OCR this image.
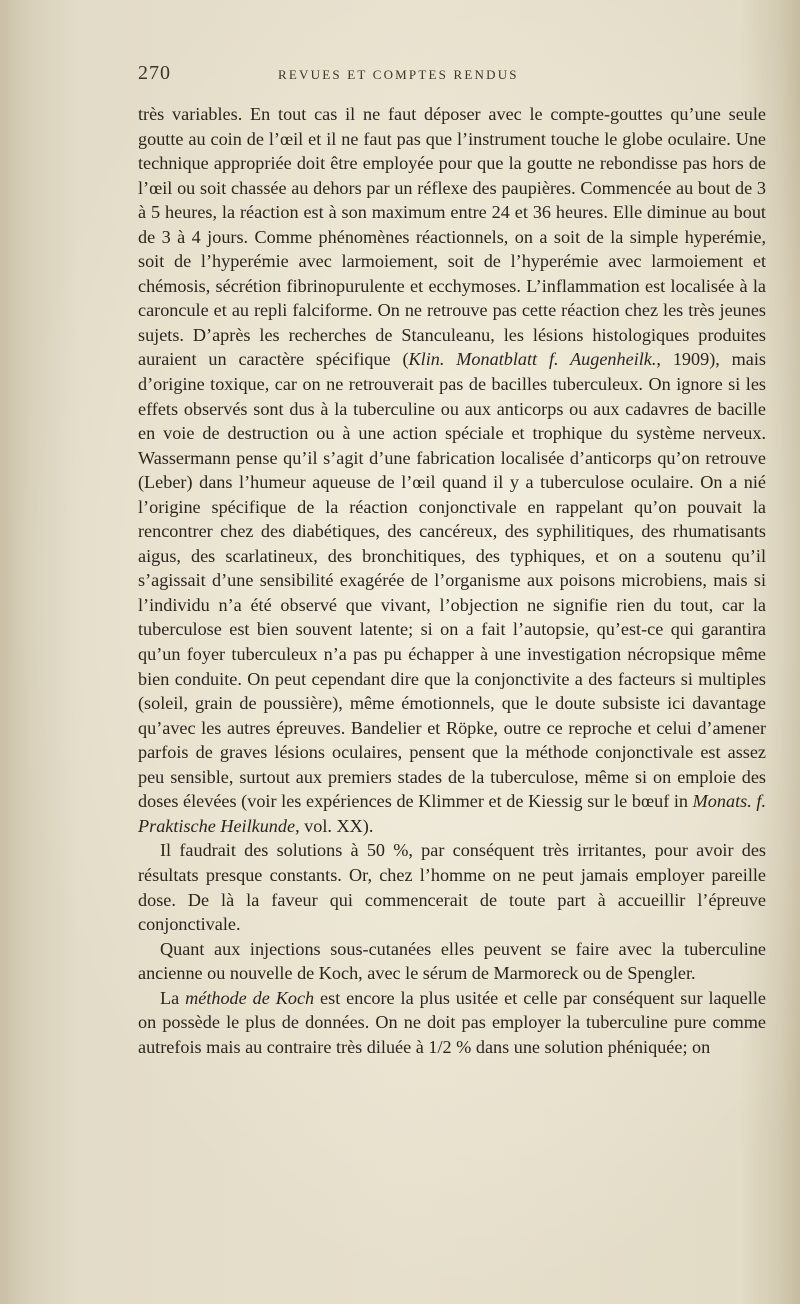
270	REVUES ET COMPTES RENDUS

très variables. En tout cas il ne faut déposer avec le compte-gouttes qu’une seule goutte au coin de l’œil et il ne faut pas que l’instrument touche le globe oculaire. Une technique appropriée doit être employée pour que la goutte ne rebondisse pas hors de l’œil ou soit chassée au dehors par un réflexe des paupières. Commencée au bout de 3 à 5 heures, la réaction est à son maximum entre 24 et 36 heures. Elle diminue au bout de 3 à 4 jours. Comme phénomènes réactionnels, on a soit de la simple hyperémie, soit de l’hyperémie avec larmoiement, soit de l’hyperémie avec larmoiement et chémosis, sécrétion fibrinopurulente et ecchymoses. L’inflammation est localisée à la caroncule et au repli falciforme. On ne retrouve pas cette réaction chez les très jeunes sujets. D’après les recherches de Stanculeanu, les lésions histologiques produites auraient un caractère spécifique (Klin. Monatblatt f. Augenheilk., 1909), mais d’origine toxique, car on ne retrouverait pas de bacilles tuberculeux. On ignore si les effets observés sont dus à la tuberculine ou aux anticorps ou aux cadavres de bacille en voie de destruction ou à une action spéciale et trophique du système nerveux. Wassermann pense qu’il s’agit d’une fabrication localisée d’anticorps qu’on retrouve (Leber) dans l’humeur aqueuse de l’œil quand il y a tuberculose oculaire. On a nié l’origine spécifique de la réaction conjonctivale en rappelant qu’on pouvait la rencontrer chez des diabétiques, des cancéreux, des syphilitiques, des rhumatisants aigus, des scarlatineux, des bronchitiques, des typhiques, et on a soutenu qu’il s’agissait d’une sensibilité exagérée de l’organisme aux poisons microbiens, mais si l’individu n’a été observé que vivant, l’objection ne signifie rien du tout, car la tuberculose est bien souvent latente; si on a fait l’autopsie, qu’est-ce qui garantira qu’un foyer tuberculeux n’a pas pu échapper à une investigation nécropsique même bien conduite. On peut cependant dire que la conjonctivite a des facteurs si multiples (soleil, grain de poussière), même émotionnels, que le doute subsiste ici davantage qu’avec les autres épreuves. Bandelier et Röpke, outre ce reproche et celui d’amener parfois de graves lésions oculaires, pensent que la méthode conjonctivale est assez peu sensible, surtout aux premiers stades de la tuberculose, même si on emploie des doses élevées (voir les expériences de Klimmer et de Kiessig sur le bœuf in Monats. f. Praktische Heilkunde, vol. XX).

Il faudrait des solutions à 50 %, par conséquent très irritantes, pour avoir des résultats presque constants. Or, chez l’homme on ne peut jamais employer pareille dose. De là la faveur qui commencerait de toute part à accueillir l’épreuve conjonctivale.

Quant aux injections sous-cutanées elles peuvent se faire avec la tuberculine ancienne ou nouvelle de Koch, avec le sérum de Marmoreck ou de Spengler.

La méthode de Koch est encore la plus usitée et celle par conséquent sur laquelle on possède le plus de données. On ne doit pas employer la tuberculine pure comme autrefois mais au contraire très diluée à 1/2 % dans une solution phéniquée; on
